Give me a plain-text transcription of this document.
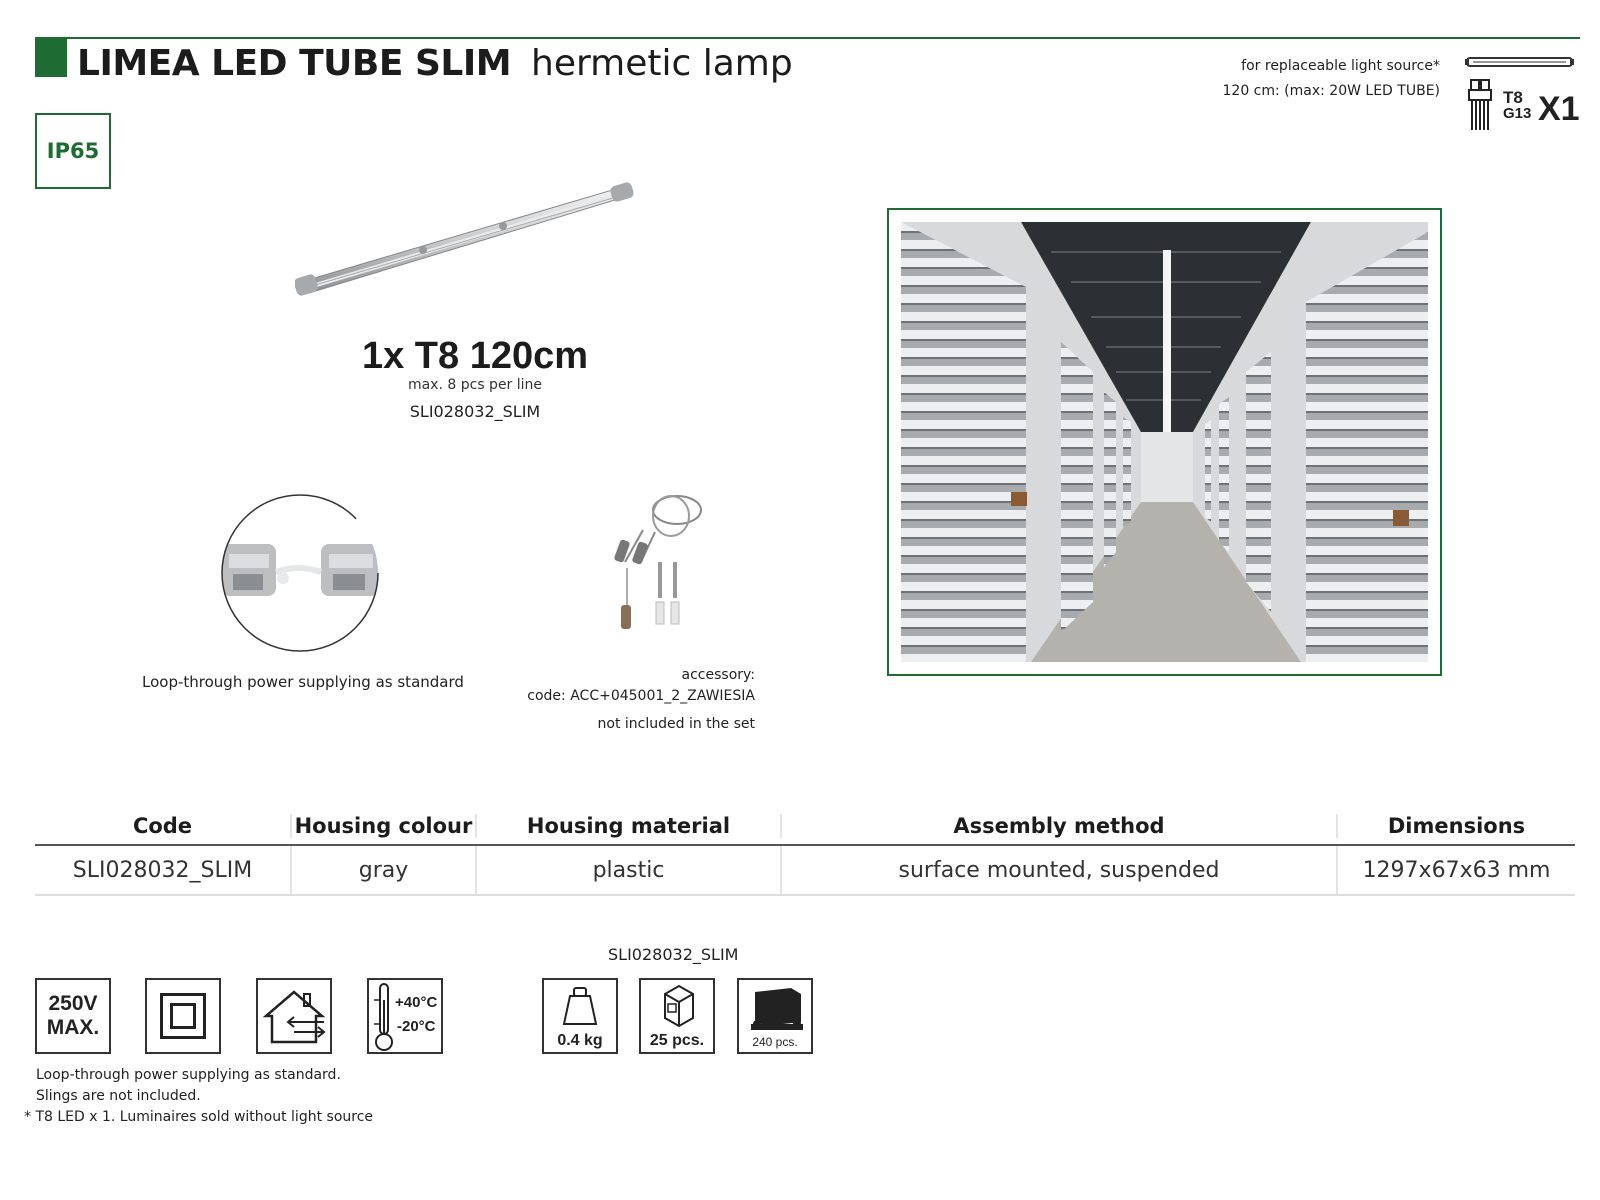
LIMEA LED TUBE SLIM hermetic lamp
IP65
for replaceable light source*
120 cm: (max: 20W LED TUBE)	T8
G13 X1
1x T8 120cm
max. 8 pcs per line
SLI028032_SLIM
Loop-through power supplying as standard	accessory:
code: ACC+045001_2_ZAWIESIA
not included in the set
Code	Housing colour	Housing material	Assembly method	Dimensions
SLI028032_SLIM	gray	plastic	surface mounted, suspended	1297x67x63 mm
250V
MAX.
+40°C
-20°C
SLI028032_SLIM
0.4 kg	25 pcs.	240 pcs.
Loop-through power supplying as standard.
Slings are not included.
* T8 LED x 1. Luminaires sold without light source
